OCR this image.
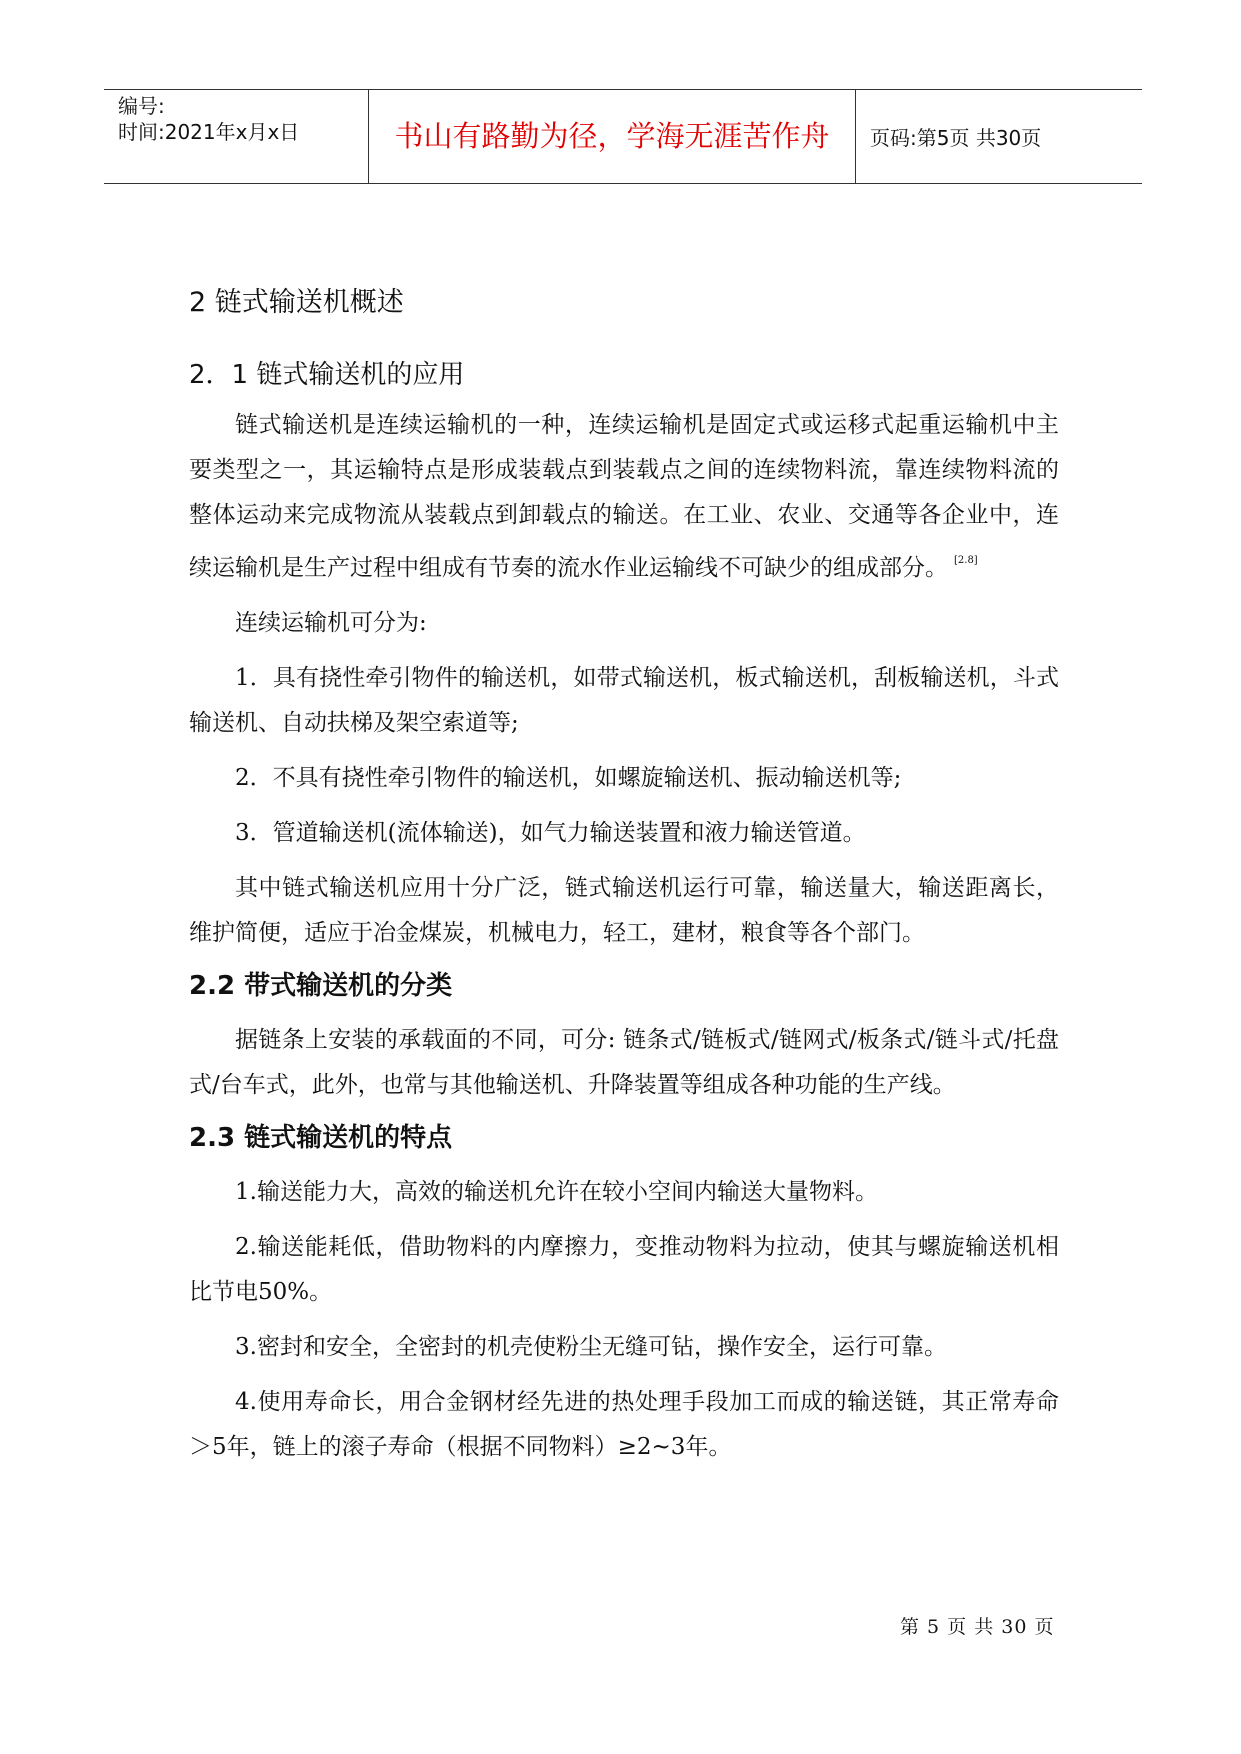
编号:
时间:2021年x月x日	书山有路勤为径，学海无涯苦作舟	页码:第5页 共30页
2 链式输送机概述
2．1 链式输送机的应用

链式输送机是连续运输机的一种，连续运输机是固定式或运移式起重运输机中主要类型之一，其运输特点是形成装载点到装载点之间的连续物料流，靠连续物料流的整体运动来完成物流从装载点到卸载点的输送。在工业、农业、交通等各企业中，连续运输机是生产过程中组成有节奏的流水作业运输线不可缺少的组成部分。 [2.8]

连续运输机可分为:

1．具有挠性牵引物件的输送机，如带式输送机，板式输送机，刮板输送机，斗式输送机、自动扶梯及架空索道等;

2．不具有挠性牵引物件的输送机，如螺旋输送机、振动输送机等;

3．管道输送机(流体输送)，如气力输送装置和液力输送管道。

其中链式输送机应用十分广泛，链式输送机运行可靠，输送量大，输送距离长，维护简便，适应于冶金煤炭，机械电力，轻工，建材，粮食等各个部门。

2.2 带式输送机的分类

据链条上安装的承载面的不同，可分: 链条式/链板式/链网式/板条式/链斗式/托盘式/台车式，此外，也常与其他输送机、升降装置等组成各种功能的生产线。

2.3 链式输送机的特点

1.输送能力大，高效的输送机允许在较小空间内输送大量物料。

2.输送能耗低，借助物料的内摩擦力，变推动物料为拉动，使其与螺旋输送机相比节电50%。

3.密封和安全，全密封的机壳使粉尘无缝可钻，操作安全，运行可靠。

4.使用寿命长，用合金钢材经先进的热处理手段加工而成的输送链，其正常寿命＞5年，链上的滚子寿命（根据不同物料）≥2~3年。

第 5 页 共 30 页
